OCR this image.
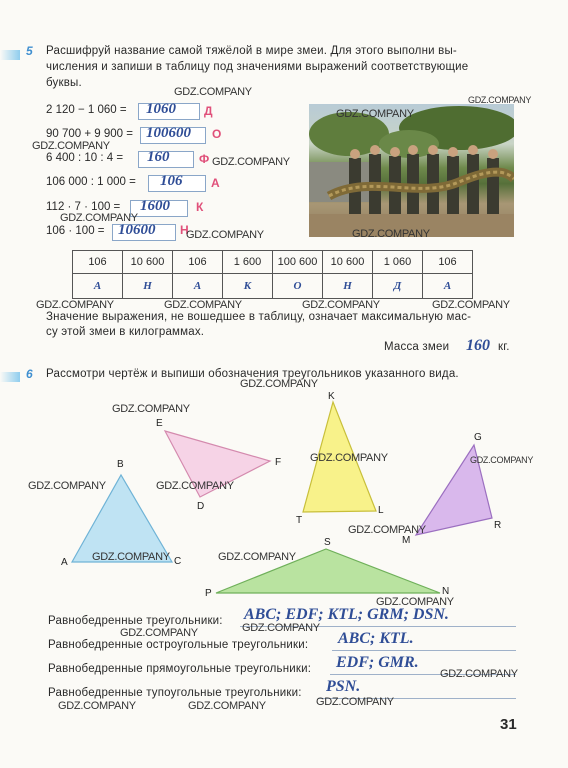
5 Расшифруй название самой тяжёлой в мире змеи. Для этого выполни вы-
числения и запиши в таблицу под значениями выражений соответствующие
буквы.
2 120 − 1 060 = 1060 Д
90 700 + 9 900 = 100600 О
6 400 : 10 : 4 = 160 Ф
106 000 : 1 000 = 106 А
112 · 7 · 100 = 1600 К
106 · 100 = 10600 Н
106	10 600	106	1 600	100 600	10 600	1 060	106
А	Н	А	К	О	Н	Д	А
Значение выражения, не вошедшее в таблицу, означает максимальную мас-
су этой змеи в килограммах.
Масса змеи 160 кг.
6 Рассмотри чертёж и выпиши обозначения треугольников указанного вида.
K
E
F
B
G
D
T
L
A	C
M
R
S
P	N
Равнобедренные треугольники: ABC; EDF; KTL; GRM; DSN.
Равнобедренные остроугольные треугольники: ABC; KTL.
Равнобедренные прямоугольные треугольники: EDF; GMR.
Равнобедренные тупоугольные треугольники: PSN.
31
GDZ.COMPANY
GDZ.COMPANY
GDZ.COMPANY
GDZ.COMPANY
GDZ.COMPANY
GDZ.COMPANY
GDZ.COMPANY	GDZ.COMPANY
GDZ.COMPANY	GDZ.COMPANY	GDZ.COMPANY	GDZ.COMPANY
GDZ.COMPANY
GDZ.COMPANY
GDZ.COMPANY	GDZ.COMPANY
GDZ.COMPANY	GDZ.COMPANY
GDZ.COMPANY
GDZ.COMPANY	GDZ.COMPANY
GDZ.COMPANY
GDZ.COMPANY
GDZ.COMPANY
GDZ.COMPANY
GDZ.COMPANY	GDZ.COMPANY	GDZ.COMPANY
